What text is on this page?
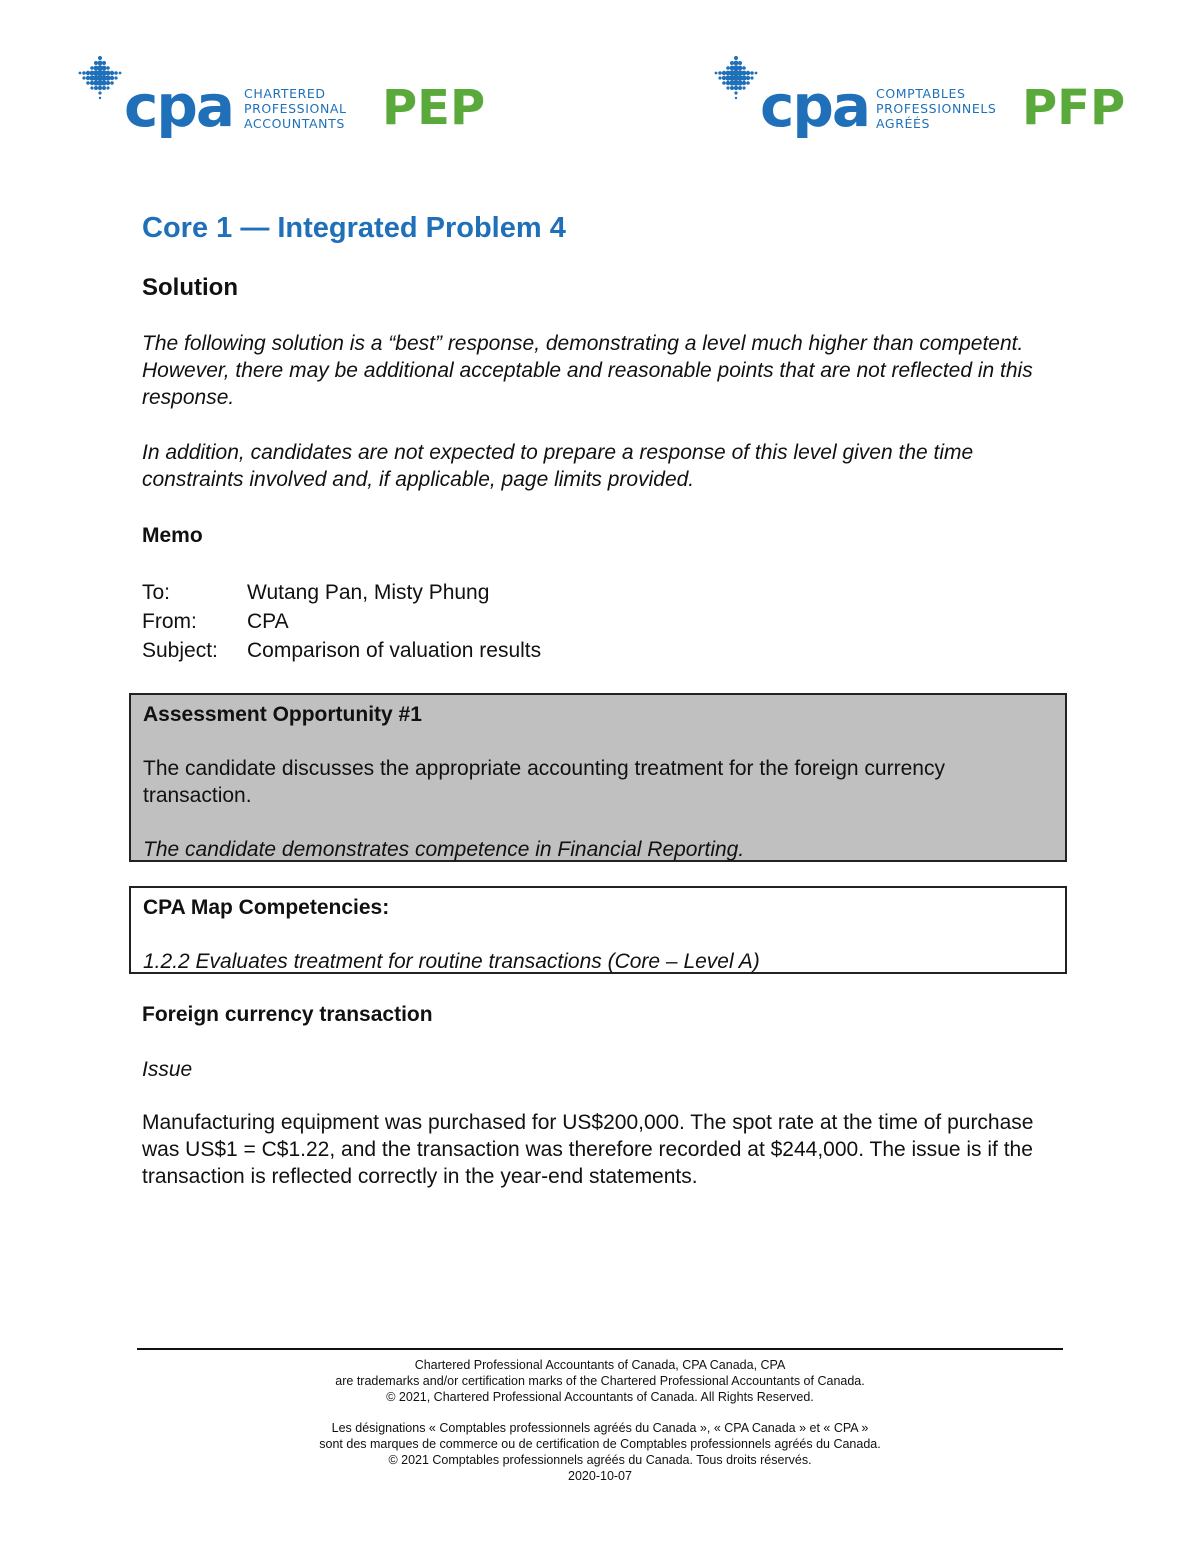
cpa CHARTERED
PROFESSIONAL
ACCOUNTANTS PEP	cpa COMPTABLES
PROFESSIONNELS
AGRÉÉS	PFP
Core 1 — Integrated Problem 4
Solution
The following solution is a “best” response, demonstrating a level much higher than competent. However, there may be additional acceptable and reasonable points that are not reflected in this response.
In addition, candidates are not expected to prepare a response of this level given the time constraints involved and, if applicable, page limits provided.
Memo
To:	Wutang Pan, Misty Phung
From: CPA
Subject: Comparison of valuation results
Assessment Opportunity #1
The candidate discusses the appropriate accounting treatment for the foreign currency transaction.
The candidate demonstrates competence in Financial Reporting.
CPA Map Competencies:
1.2.2 Evaluates treatment for routine transactions (Core – Level A)
Foreign currency transaction
Issue
Manufacturing equipment was purchased for US$200,000. The spot rate at the time of purchase was US$1 = C$1.22, and the transaction was therefore recorded at $244,000. The issue is if the transaction is reflected correctly in the year-end statements.
Chartered Professional Accountants of Canada, CPA Canada, CPA
are trademarks and/or certification marks of the Chartered Professional Accountants of Canada.
© 2021, Chartered Professional Accountants of Canada. All Rights Reserved.
Les désignations « Comptables professionnels agréés du Canada », « CPA Canada » et « CPA »
sont des marques de commerce ou de certification de Comptables professionnels agréés du Canada.
© 2021 Comptables professionnels agréés du Canada. Tous droits réservés.
2020-10-07
